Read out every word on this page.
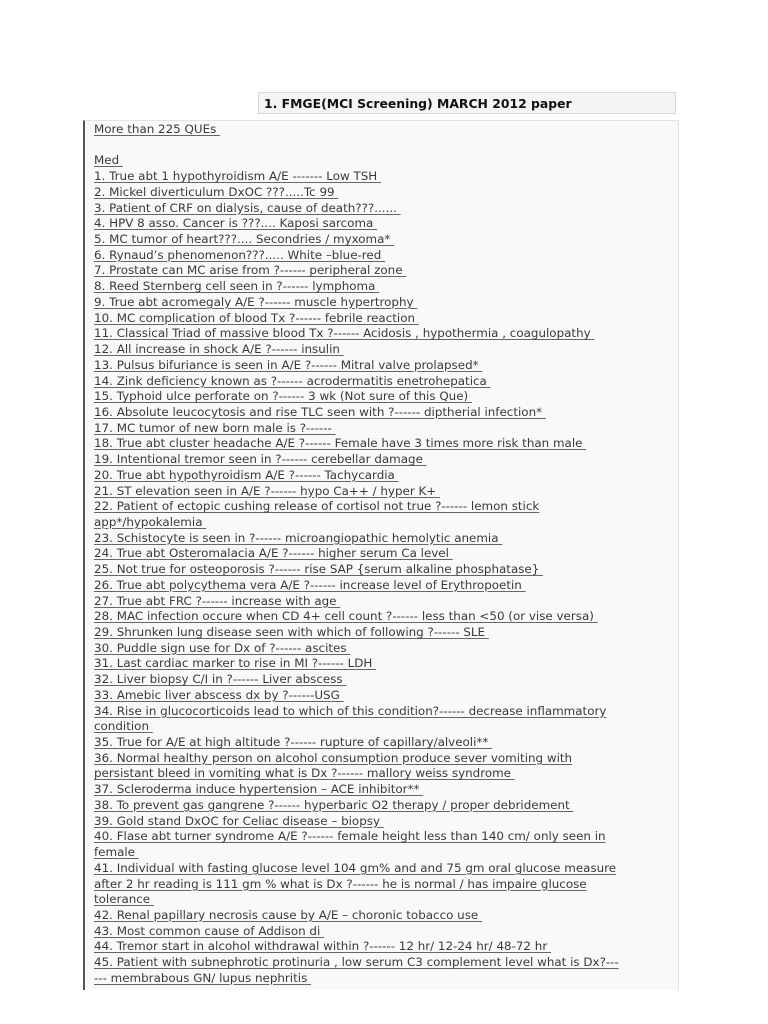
1. FMGE(MCI Screening) MARCH 2012 paper
More than 225 QUEs
Med
1. True abt 1 hypothyroidism A/E ------- Low TSH
2. Mickel diverticulum DxOC ???.....Tc 99
3. Patient of CRF on dialysis, cause of death???......
4. HPV 8 asso. Cancer is ???.... Kaposi sarcoma
5. MC tumor of heart???.... Secondries / myxoma*
6. Rynaud’s phenomenon???..... White –blue-red
7. Prostate can MC arise from ?------ peripheral zone
8. Reed Sternberg cell seen in ?------ lymphoma
9. True abt acromegaly A/E ?------ muscle hypertrophy
10. MC complication of blood Tx ?------ febrile reaction
11. Classical Triad of massive blood Tx ?------ Acidosis , hypothermia , coagulopathy
12. All increase in shock A/E ?------ insulin
13. Pulsus bifuriance is seen in A/E ?------ Mitral valve prolapsed*
14. Zink deficiency known as ?------ acrodermatitis enetrohepatica
15. Typhoid ulce perforate on ?------ 3 wk (Not sure of this Que)
16. Absolute leucocytosis and rise TLC seen with ?------ diptherial infection*
17. MC tumor of new born male is ?------
18. True abt cluster headache A/E ?------ Female have 3 times more risk than male
19. Intentional tremor seen in ?------ cerebellar damage
20. True abt hypothyroidism A/E ?------ Tachycardia
21. ST elevation seen in A/E ?------ hypo Ca++ / hyper K+
22. Patient of ectopic cushing release of cortisol not true ?------ lemon stick
app*/hypokalemia
23. Schistocyte is seen in ?------ microangiopathic hemolytic anemia
24. True abt Osteromalacia A/E ?------ higher serum Ca level
25. Not true for osteoporosis ?------ rise SAP {serum alkaline phosphatase}
26. True abt polycythema vera A/E ?------ increase level of Erythropoetin
27. True abt FRC ?------ increase with age
28. MAC infection occure when CD 4+ cell count ?------ less than <50 (or vise versa)
29. Shrunken lung disease seen with which of following ?------ SLE
30. Puddle sign use for Dx of ?------ ascites
31. Last cardiac marker to rise in MI ?------ LDH
32. Liver biopsy C/I in ?------ Liver abscess
33. Amebic liver abscess dx by ?------USG
34. Rise in glucocorticoids lead to which of this condition?------ decrease inflammatory
condition
35. True for A/E at high altitude ?------ rupture of capillary/alveoli**
36. Normal healthy person on alcohol consumption produce sever vomiting with
persistant bleed in vomiting what is Dx ?------ mallory weiss syndrome
37. Scleroderma induce hypertension – ACE inhibitor**
38. To prevent gas gangrene ?------ hyperbaric O2 therapy / proper debridement
39. Gold stand DxOC for Celiac disease – biopsy
40. Flase abt turner syndrome A/E ?------ female height less than 140 cm/ only seen in
female
41. Individual with fasting glucose level 104 gm% and and 75 gm oral glucose measure
after 2 hr reading is 111 gm % what is Dx ?------ he is normal / has impaire glucose
tolerance
42. Renal papillary necrosis cause by A/E – choronic tobacco use
43. Most common cause of Addison di
44. Tremor start in alcohol withdrawal within ?------ 12 hr/ 12-24 hr/ 48-72 hr
45. Patient with subnephrotic protinuria , low serum C3 complement level what is Dx?---
--- membrabous GN/ lupus nephritis
